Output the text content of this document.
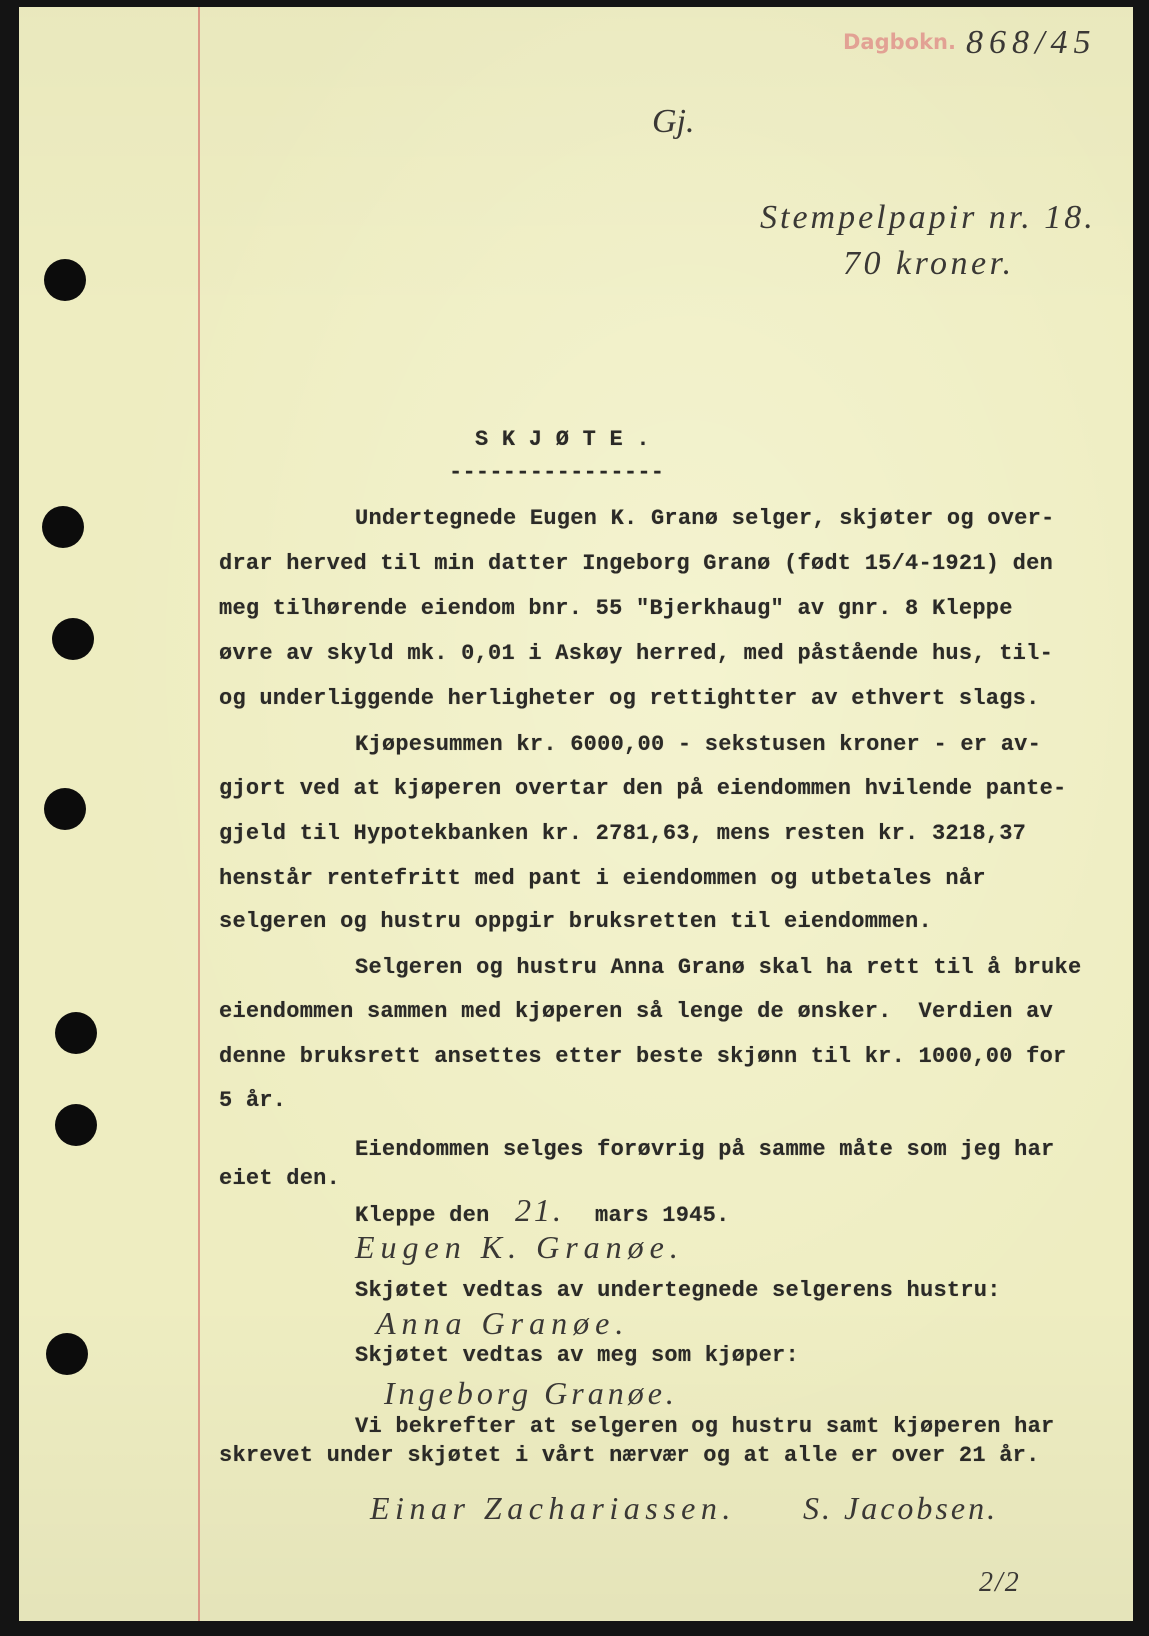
Dagbokn. 868/45
Gj.
Stempelpapir nr. 18.
70 kroner.
S K J Ø T E .
----------------
Undertegnede Eugen K. Granø selger, skjøter og over-
drar herved til min datter Ingeborg Granø (født 15/4-1921) den
meg tilhørende eiendom bnr. 55 "Bjerkhaug" av gnr. 8 Kleppe
øvre av skyld mk. 0,01 i Askøy herred, med påstående hus, til-
og underliggende herligheter og rettightter av ethvert slags.
Kjøpesummen kr. 6000,00 - sekstusen kroner - er av-
gjort ved at kjøperen overtar den på eiendommen hvilende pante-
gjeld til Hypotekbanken kr. 2781,63, mens resten kr. 3218,37
henstår rentefritt med pant i eiendommen og utbetales når
selgeren og hustru oppgir bruksretten til eiendommen.
Selgeren og hustru Anna Granø skal ha rett til å bruke
eiendommen sammen med kjøperen så lenge de ønsker.  Verdien av
denne bruksrett ansettes etter beste skjønn til kr. 1000,00 for
5 år.
Eiendommen selges forøvrig på samme måte som jeg har
eiet den.
Kleppe den 21. mars 1945.
Eugen K. Granøe.
Skjøtet vedtas av undertegnede selgerens hustru:
Anna Granøe.
Skjøtet vedtas av meg som kjøper:
Ingeborg Granøe.
Vi bekrefter at selgeren og hustru samt kjøperen har
skrevet under skjøtet i vårt nærvær og at alle er over 21 år.
Einar Zachariassen. S. Jacobsen.
2/2
